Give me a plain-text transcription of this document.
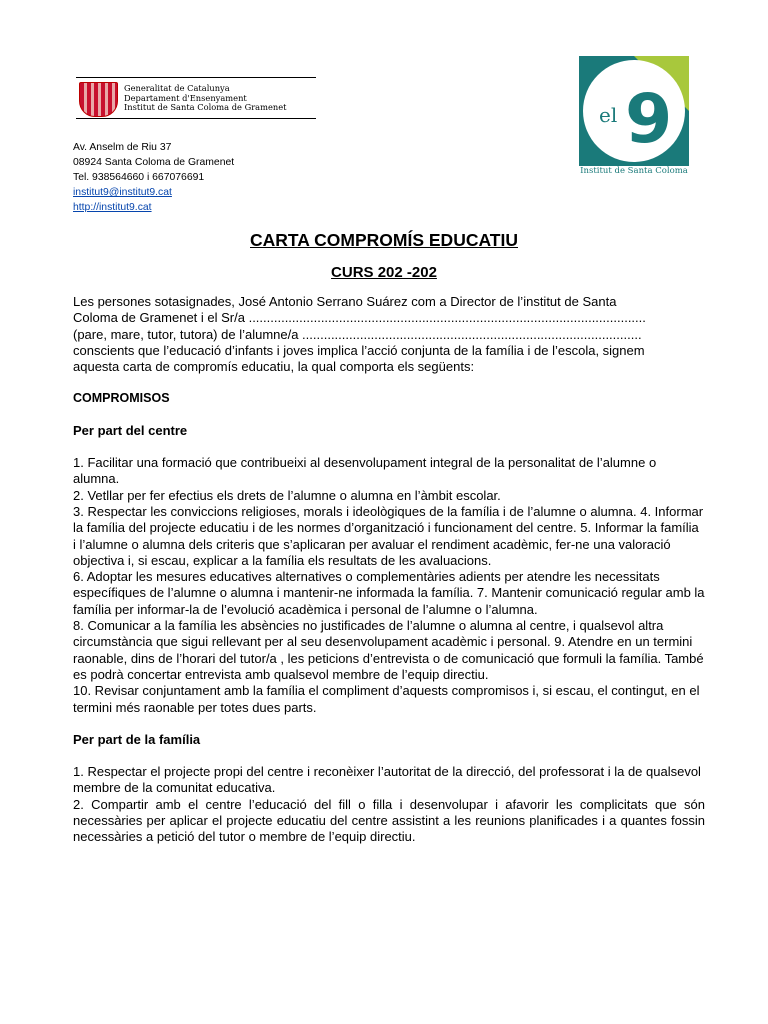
Generalitat de Catalunya
Departament d'Ensenyament
Institut de Santa Coloma de Gramenet
Av. Anselm de Riu 37
08924 Santa Coloma de Gramenet
Tel. 938564660 i 667076691
institut9@institut9.cat
http://institut9.cat
el 9
Institut de Santa Coloma
CARTA COMPROMÍS EDUCATIU
CURS 202 -202

Les persones sotasignades, José Antonio Serrano Suárez com a Director de l’institut de Santa

Coloma de Gramenet i el Sr/a ..............................................................................................................

(pare, mare, tutor, tutora) de l’alumne/a ..............................................................................................

conscients que l’educació d’infants i joves implica l’acció conjunta de la família i de l’escola, signem

aquesta carta de compromís educatiu, la qual comporta els següents:

COMPROMISOS

Per part del centre

1. Facilitar una formació que contribueixi al desenvolupament integral de la personalitat de l’alumne o alumna.

2. Vetllar per fer efectius els drets de l’alumne o alumna en l’àmbit escolar.

3. Respectar les conviccions religioses, morals i ideològiques de la família i de l’alumne o alumna. 4. Informar la família del projecte educatiu i de les normes d’organització i funcionament del centre. 5. Informar la família i l’alumne o alumna dels criteris que s’aplicaran per avaluar el rendiment acadèmic, fer-ne una valoració objectiva i, si escau, explicar a la família els resultats de les avaluacions.

6. Adoptar les mesures educatives alternatives o complementàries adients per atendre les necessitats específiques de l’alumne o alumna i mantenir-ne informada la família. 7. Mantenir comunicació regular amb la família per informar-la de l’evolució acadèmica i personal de l’alumne o l’alumna.

8. Comunicar a la família les absències no justificades de l’alumne o alumna al centre, i qualsevol altra circumstància que sigui rellevant per al seu desenvolupament acadèmic i personal. 9. Atendre en un termini raonable, dins de l’horari del tutor/a , les peticions d’entrevista o de comunicació que formuli la família. També es podrà concertar entrevista amb qualsevol membre de l’equip directiu.

10. Revisar conjuntament amb la família el compliment d’aquests compromisos i, si escau, el contingut, en el termini més raonable per totes dues parts.

Per part de la família

1. Respectar el projecte propi del centre i reconèixer l’autoritat de la direcció, del professorat i la de qualsevol membre de la comunitat educativa.

2. Compartir amb el centre l’educació del fill o filla i desenvolupar i afavorir les complicitats que són necessàries per aplicar el projecte educatiu del centre assistint a les reunions planificades i a quantes fossin necessàries a petició del tutor o membre de l’equip directiu.
